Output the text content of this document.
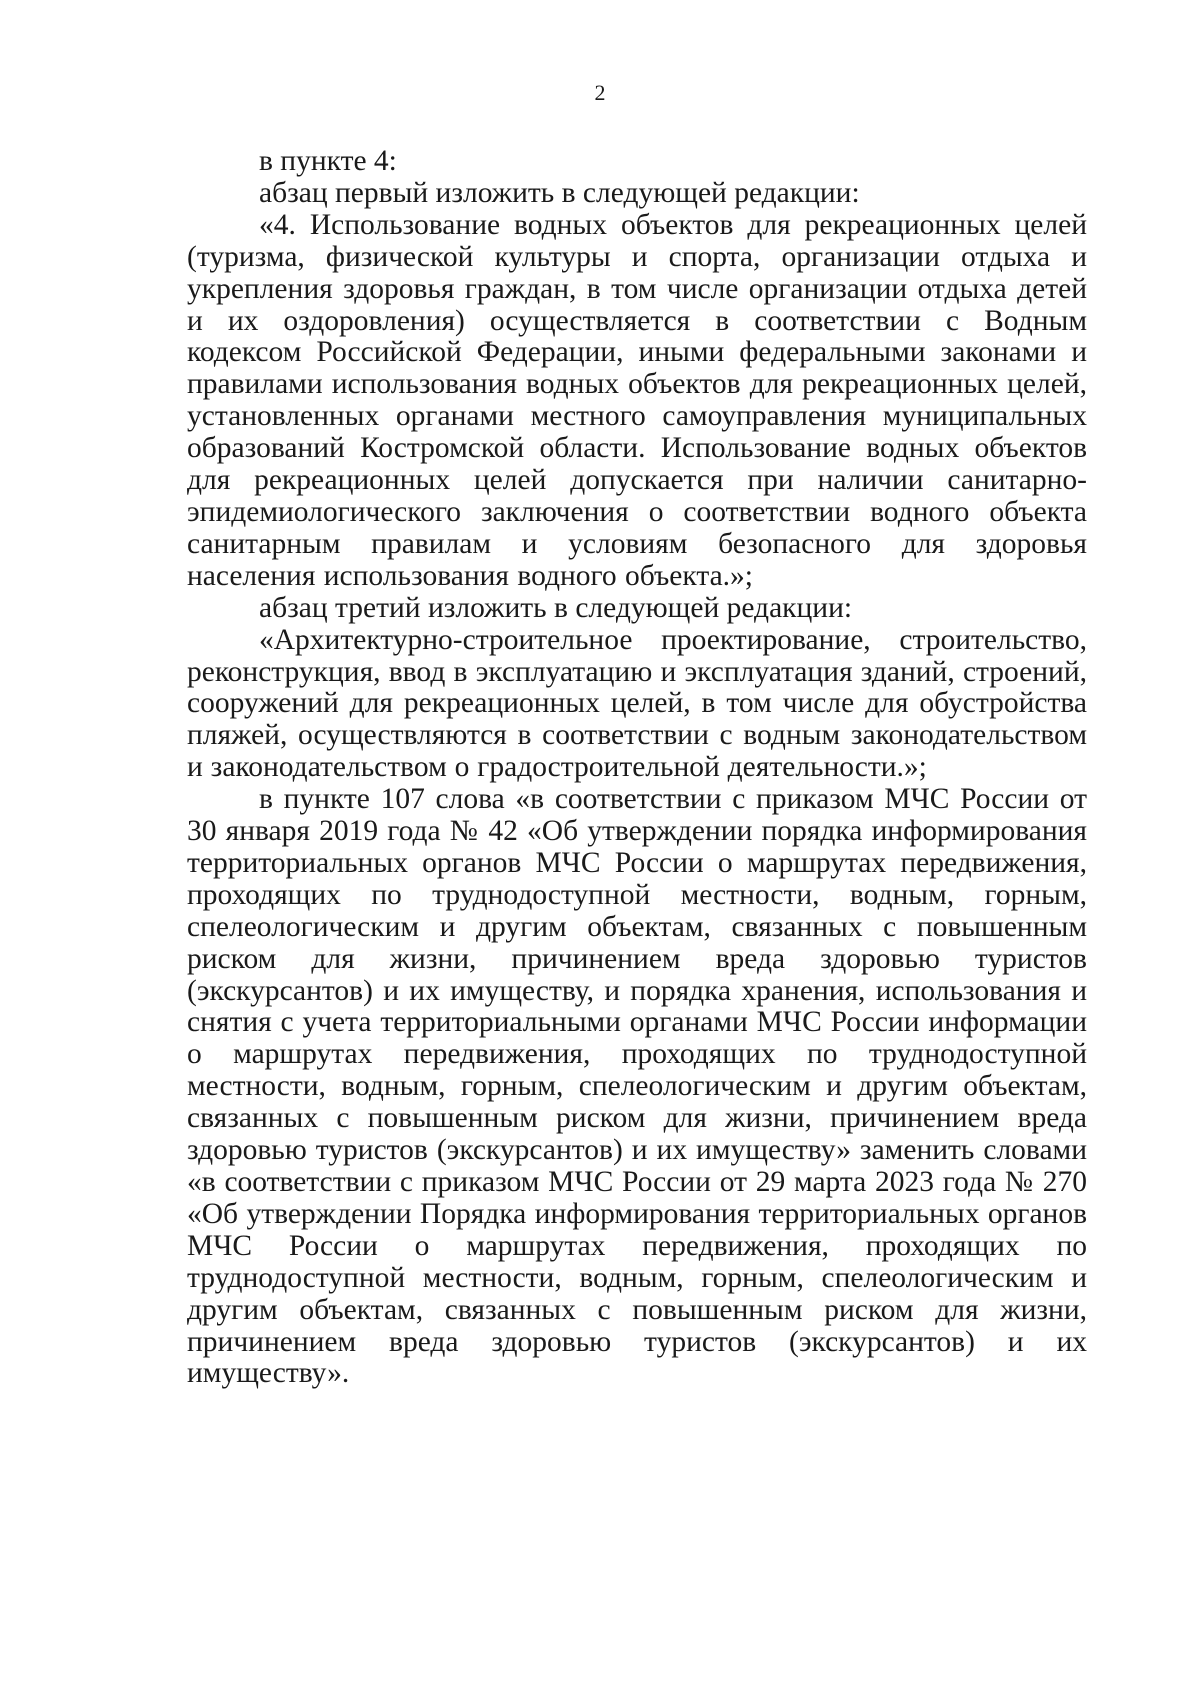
2

в пункте 4:

абзац первый изложить в следующей редакции:

«4. Использование водных объектов для рекреационных целей (туризма, физической культуры и спорта, организации отдыха и укрепления здоровья граждан, в том числе организации отдыха детей и их оздоровления) осуществляется в соответствии с Водным кодексом Российской Федерации, иными федеральными законами и правилами использования водных объектов для рекреационных целей, установленных органами местного самоуправления муниципальных образований Костромской области. Использование водных объектов для рекреационных целей допускается при наличии санитарно-эпидемиологического заключения о соответствии водного объекта санитарным правилам и условиям безопасного для здоровья населения использования водного объекта.»;

абзац третий изложить в следующей редакции:

«Архитектурно-строительное проектирование, строительство, реконструкция, ввод в эксплуатацию и эксплуатация зданий, строений, сооружений для рекреационных целей, в том числе для обустройства пляжей, осуществляются в соответствии с водным законодательством и законодательством о градостроительной деятельности.»;

в пункте 107 слова «в соответствии с приказом МЧС России от 30 января 2019 года № 42 «Об утверждении порядка информирования территориальных органов МЧС России о маршрутах передвижения, проходящих по труднодоступной местности, водным, горным, спелеологическим и другим объектам, связанных с повышенным риском для жизни, причинением вреда здоровью туристов (экскурсантов) и их имуществу, и порядка хранения, использования и снятия с учета территориальными органами МЧС России информации о маршрутах передвижения, проходящих по труднодоступной местности, водным, горным, спелеологическим и другим объектам, связанных с повышенным риском для жизни, причинением вреда здоровью туристов (экскурсантов) и их имуществу» заменить словами «в соответствии с приказом МЧС России от 29 марта 2023 года № 270 «Об утверждении Порядка информирования территориальных органов МЧС России о маршрутах передвижения, проходящих по труднодоступной местности, водным, горным, спелеологическим и другим объектам, связанных с повышенным риском для жизни, причинением вреда здоровью туристов (экскурсантов) и их имуществу».
